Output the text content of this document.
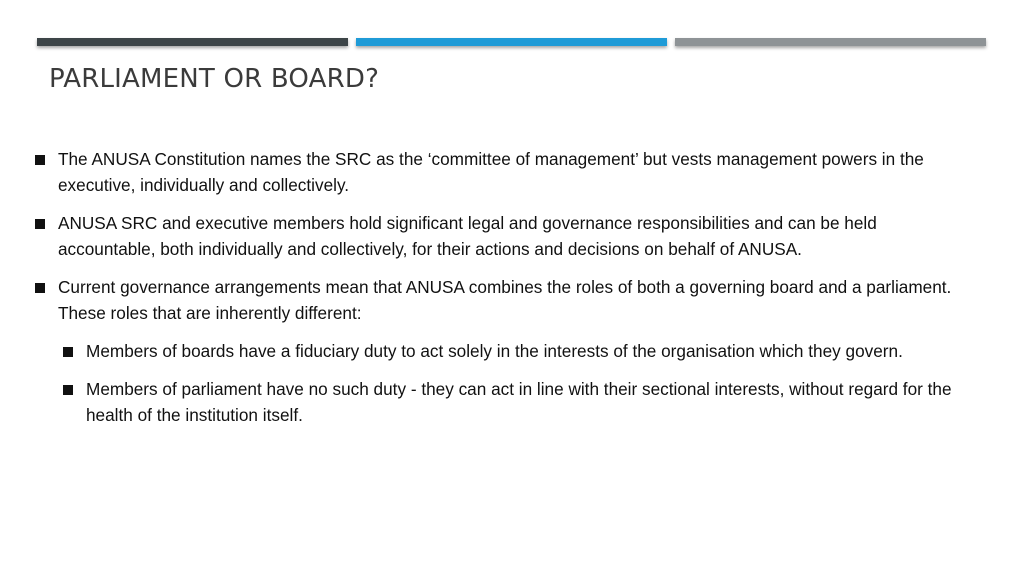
PARLIAMENT OR BOARD?
The ANUSA Constitution names the SRC as the ‘committee of management’ but vests management powers in the executive, individually and collectively.
ANUSA SRC and executive members hold significant legal and governance responsibilities and can be held accountable, both individually and collectively, for their actions and decisions on behalf of ANUSA.
Current governance arrangements mean that ANUSA combines the roles of both a governing board and a parliament. These roles that are inherently different:
Members of boards have a fiduciary duty to act solely in the interests of the organisation which they govern.
Members of parliament have no such duty - they can act in line with their sectional interests, without regard for the health of the institution itself.
